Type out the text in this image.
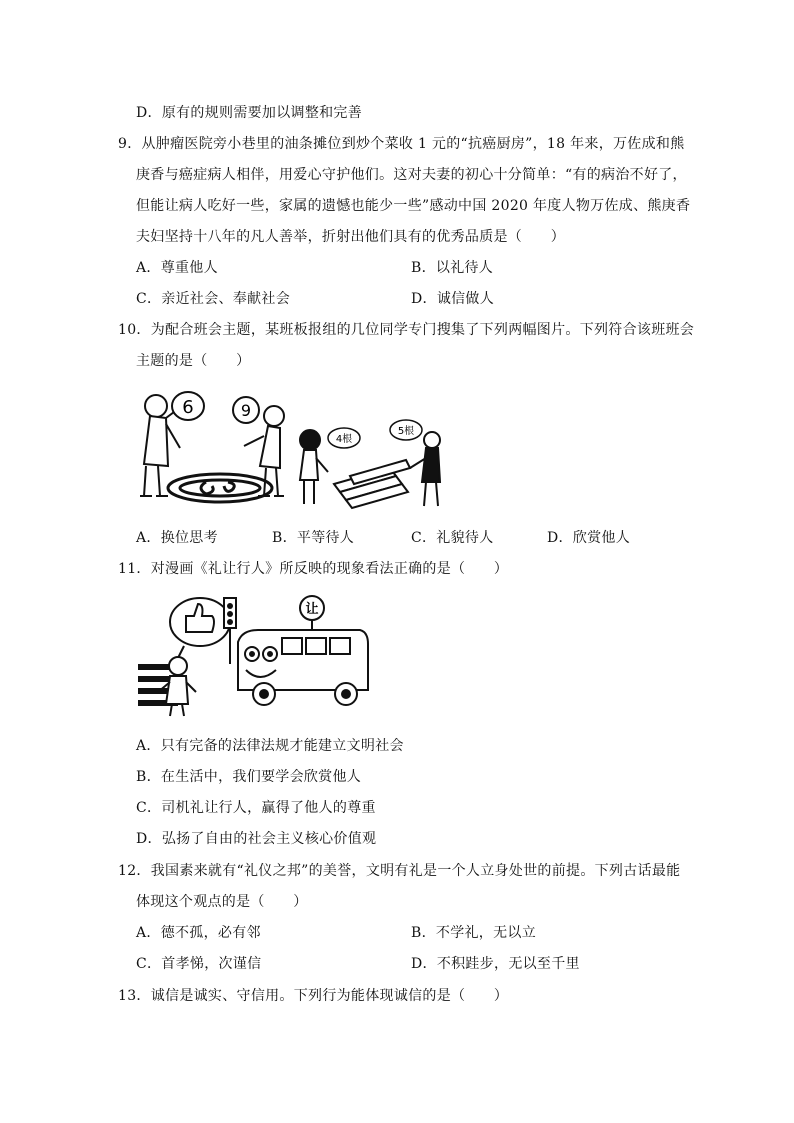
D．原有的规则需要加以调整和完善
9．从肿瘤医院旁小巷里的油条摊位到炒个菜收 1 元的“抗癌厨房”，18 年来，万佐成和熊
庚香与癌症病人相伴，用爱心守护他们。这对夫妻的初心十分简单：“有的病治不好了，
但能让病人吃好一些，家属的遗憾也能少一些”感动中国 2020 年度人物万佐成、熊庚香
夫妇坚持十八年的凡人善举，折射出他们具有的优秀品质是（　　）
A．尊重他人	B．以礼待人
C．亲近社会、奉献社会	D．诚信做人
10．为配合班会主题，某班板报组的几位同学专门搜集了下列两幅图片。下列符合该班班会
主题的是（　　）
6	9
4根
5根
A．换位思考	B．平等待人	C．礼貌待人	D．欣赏他人
11．对漫画《礼让行人》所反映的现象看法正确的是（　　）
让
A．只有完备的法律法规才能建立文明社会
B．在生活中，我们要学会欣赏他人
C．司机礼让行人，赢得了他人的尊重
D．弘扬了自由的社会主义核心价值观
12．我国素来就有“礼仪之邦”的美誉，文明有礼是一个人立身处世的前提。下列古话最能
体现这个观点的是（　　）
A．德不孤，必有邻	B．不学礼，无以立
C．首孝悌，次谨信	D．不积跬步，无以至千里
13．诚信是诚实、守信用。下列行为能体现诚信的是（　　）
